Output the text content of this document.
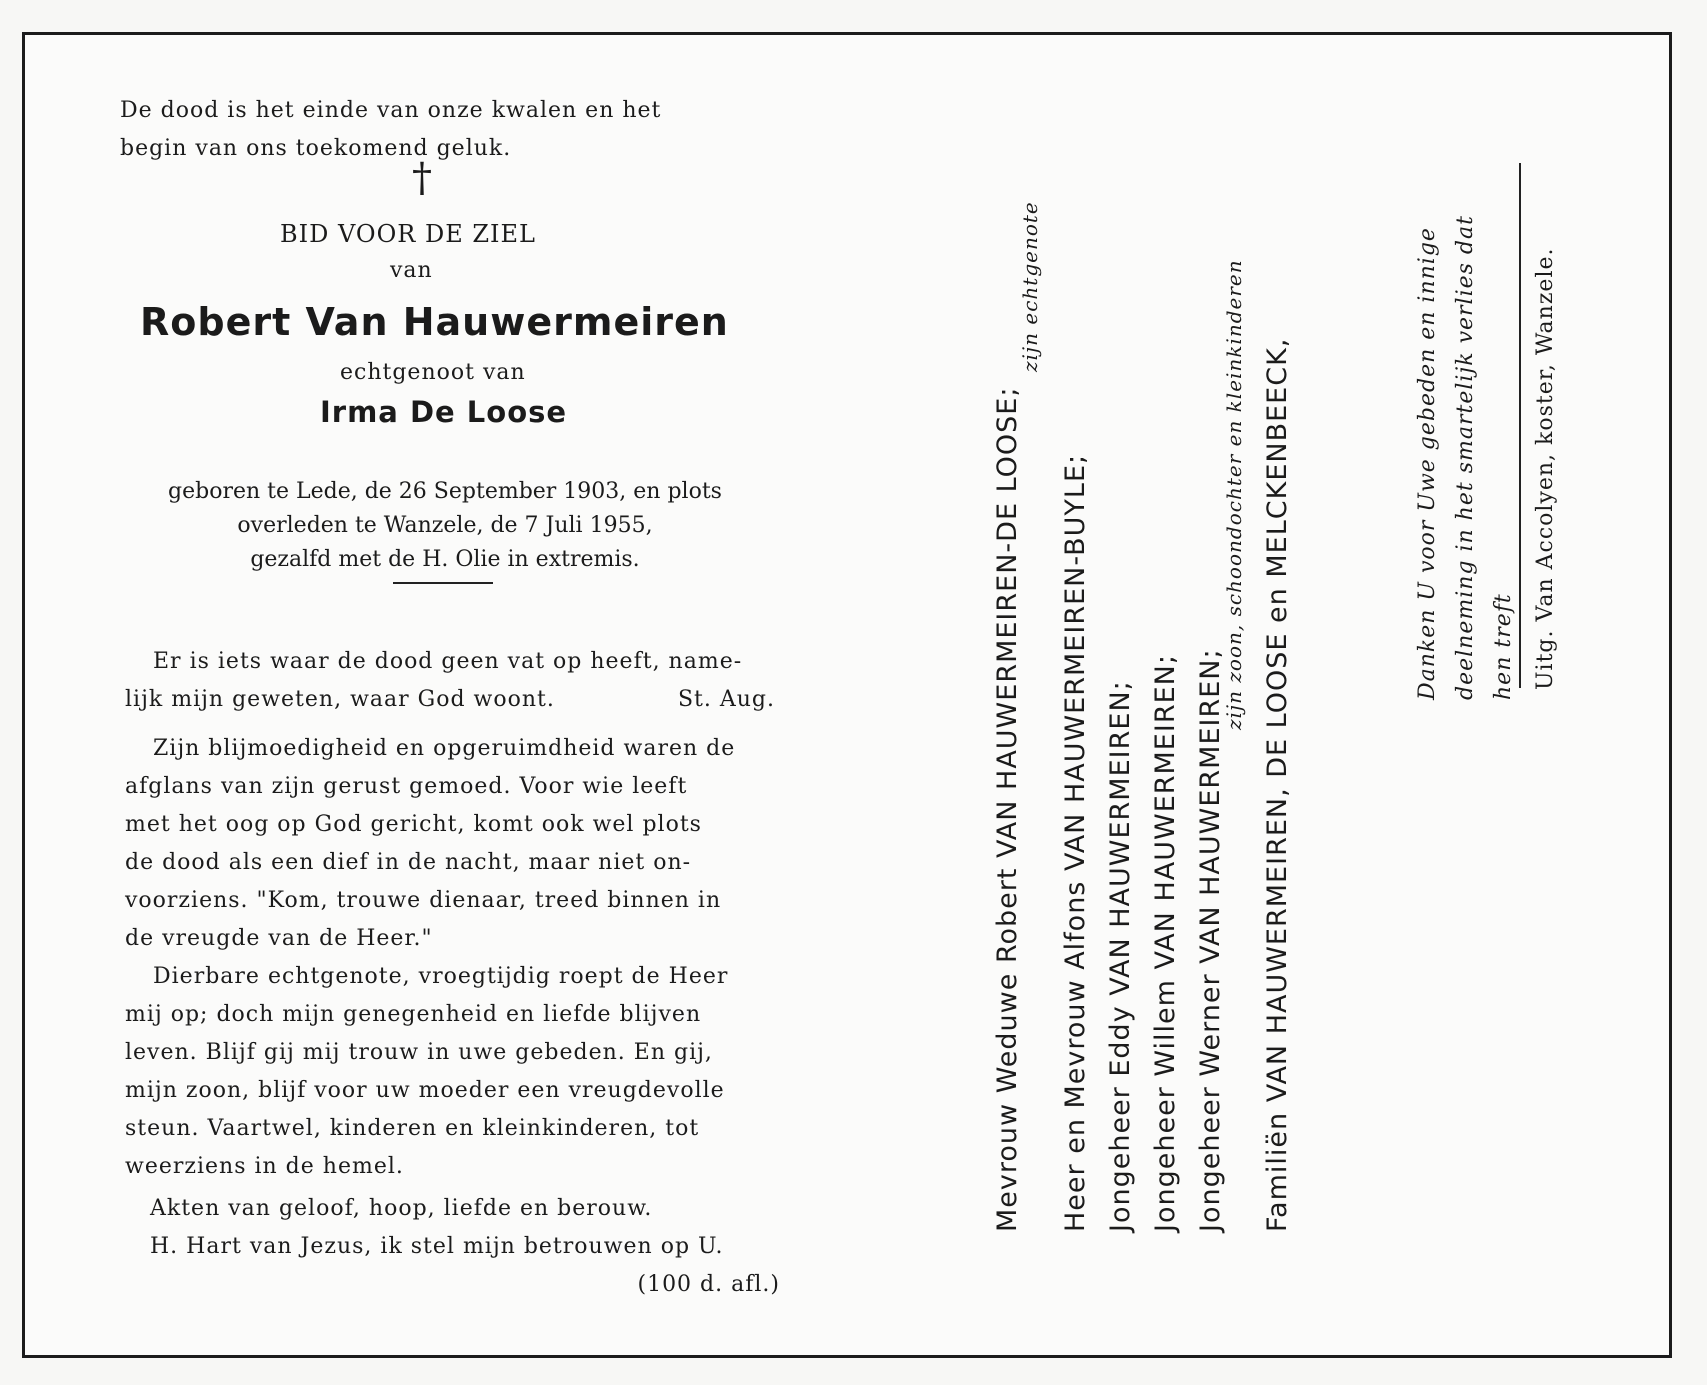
De dood is het einde van onze kwalen en het

begin van ons toekomend geluk.

†
BID VOOR DE ZIEL
van
Robert Van Hauwermeiren
echtgenoot van
Irma De Loose
geboren te Lede, de 26 September 1903, en plots
overleden te Wanzele, de 7 Juli 1955,
gezalfd met de H. Olie in extremis.

Er is iets waar de dood geen vat op heeft, name-

lijk mijn geweten, waar God woont.	St. Aug.

Zijn blijmoedigheid en opgeruimdheid waren de

afglans van zijn gerust gemoed. Voor wie leeft

met het oog op God gericht, komt ook wel plots

de dood als een dief in de nacht, maar niet on-

voorziens. "Kom, trouwe dienaar, treed binnen in

de vreugde van de Heer."

Dierbare echtgenote, vroegtijdig roept de Heer

mij op; doch mijn genegenheid en liefde blijven

leven. Blijf gij mij trouw in uwe gebeden. En gij,

mijn zoon, blijf voor uw moeder een vreugdevolle

steun. Vaartwel, kinderen en kleinkinderen, tot

weerziens in de hemel.

Akten van geloof, hoop, liefde en berouw.

H. Hart van Jezus, ik stel mijn betrouwen op U.

(100 d. afl.)

Mevrouw Weduwe Robert VAN HAUWERMEIREN-DE LOOSE;
zijn echtgenote
Heer en Mevrouw Alfons VAN HAUWERMEIREN-BUYLE; Jongeheer Eddy VAN HAUWERMEIREN; Jongeheer Willem VAN HAUWERMEIREN; Jongeheer Werner VAN HAUWERMEIREN;
zijn zoon, schoondochter en kleinkinderen Familiën VAN HAUWERMEIREN, DE LOOSE en MELCKENBEECK,	Danken U voor Uwe gebeden en innige deelneming in het smartelijk verlies dat hen treft Uitg. Van Accolyen, koster, Wanzele.
